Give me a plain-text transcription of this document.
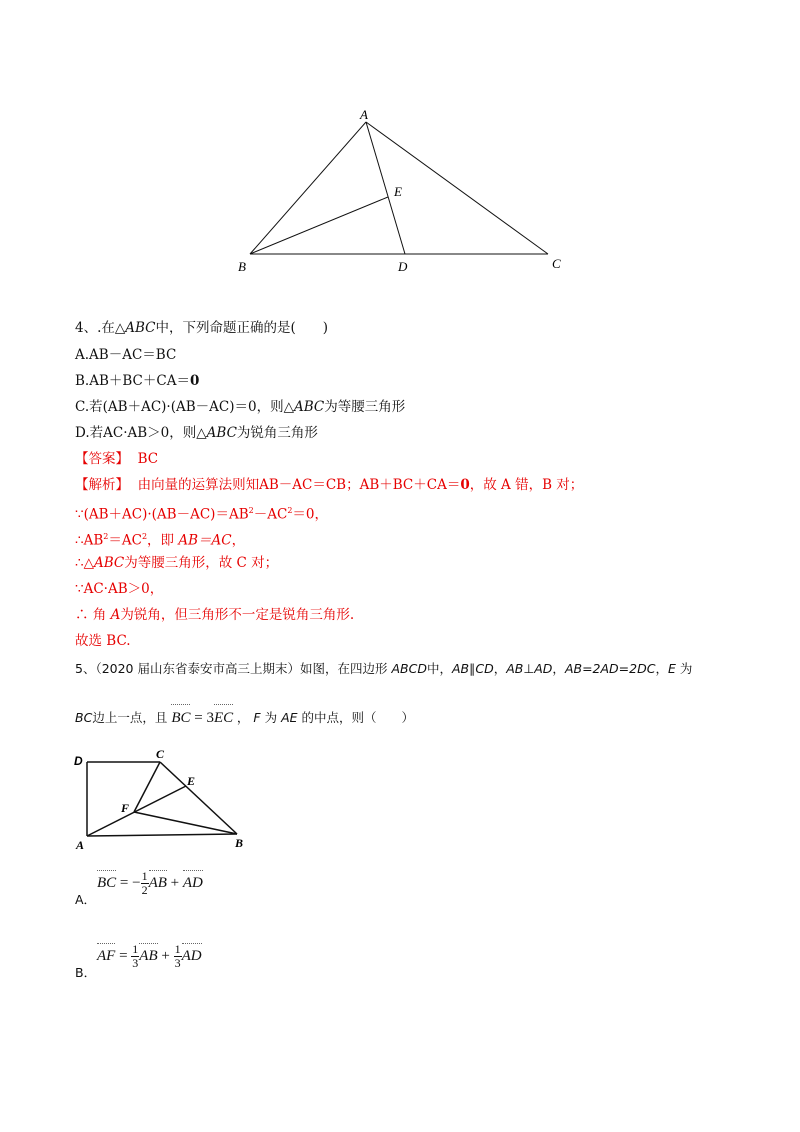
A
B	C
D
E
4、.在△ABC中，下列命题正确的是(　　)
A.AB－AC＝BC
B.AB＋BC＋CA＝0
C.若(AB＋AC)·(AB－AC)＝0，则△ABC为等腰三角形
D.若AC·AB＞0，则△ABC为锐角三角形
【答案】 BC
【解析】 由向量的运算法则知AB－AC＝CB；AB＋BC＋CA＝0，故 A 错，B 对；
$\because(AB+AC)\cdot(AB-AC)=AB^2-AC^2=0$，
$\therefore AB^2=AC^2$，即 AB＝AC，
∴△ABC为等腰三角形，故 C 对；
∵AC·AB＞0，
∴ 角 A为锐角，但三角形不一定是锐角三角形.
故选 BC.
5、（2020 届山东省泰安市高三上期末）如图，在四边形 ABCD中，AB∥CD，AB⊥AD，AB=2AD=2DC，E 为
BC边上一点，且 BC = 3EC ， F 为 AE 的中点，则（　　）
D	C
E
F
A	B
A．
BC = − $\frac{1}{2}$ AB + AD
B．
AF = $\frac{1}{3}$ AB + $\frac{1}{3}$ AD
